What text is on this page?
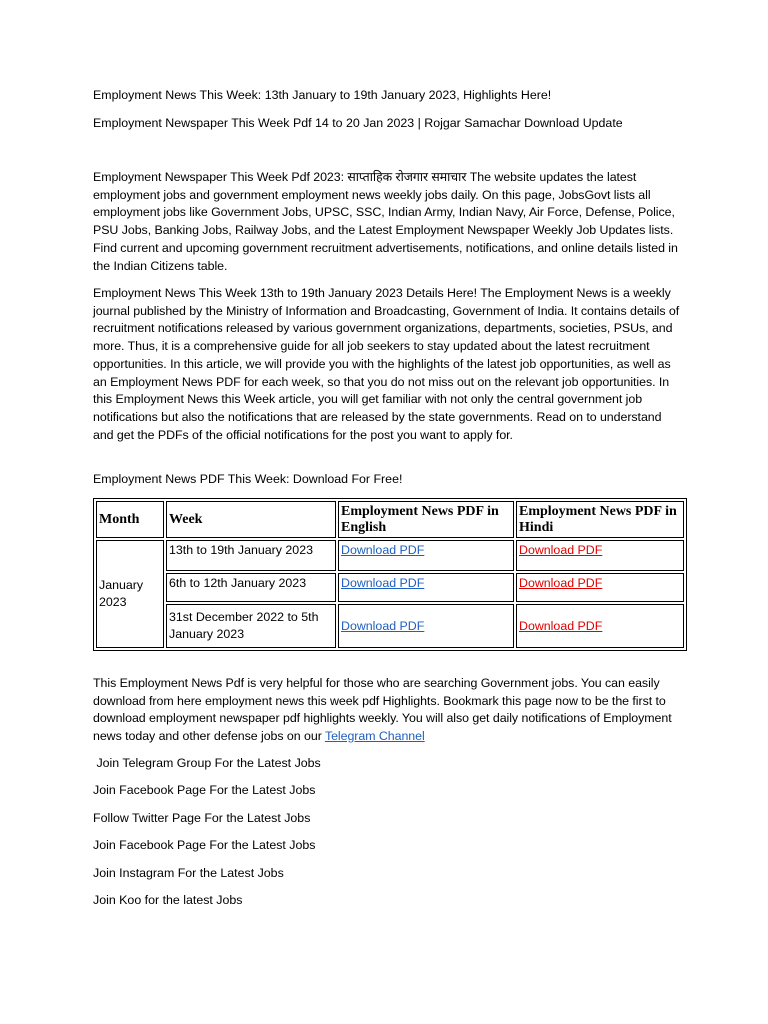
Employment News This Week: 13th January to 19th January 2023, Highlights Here!

Employment Newspaper This Week Pdf 14 to 20 Jan 2023 | Rojgar Samachar Download Update

Employment Newspaper This Week Pdf 2023: साप्ताहिक रोजगार समाचार The website updates the latest employment jobs and government employment news weekly jobs daily. On this page, JobsGovt lists all employment jobs like Government Jobs, UPSC, SSC, Indian Army, Indian Navy, Air Force, Defense, Police, PSU Jobs, Banking Jobs, Railway Jobs, and the Latest Employment Newspaper Weekly Job Updates lists. Find current and upcoming government recruitment advertisements, notifications, and online details listed in the Indian Citizens table.

Employment News This Week 13th to 19th January 2023 Details Here! The Employment News is a weekly journal published by the Ministry of Information and Broadcasting, Government of India. It contains details of recruitment notifications released by various government organizations, departments, societies, PSUs, and more. Thus, it is a comprehensive guide for all job seekers to stay updated about the latest recruitment opportunities. In this article, we will provide you with the highlights of the latest job opportunities, as well as an Employment News PDF for each week, so that you do not miss out on the relevant job opportunities. In this Employment News this Week article, you will get familiar with not only the central government job notifications but also the notifications that are released by the state governments. Read on to understand and get the PDFs of the official notifications for the post you want to apply for.

Employment News PDF This Week: Download For Free!

Month	Week	Employment News PDF in English	Employment News PDF in Hindi
January 2023	13th to 19th January 2023	Download PDF	Download PDF
	6th to 12th January 2023	Download PDF	Download PDF
	31st December 2022 to 5th January 2023	Download PDF	Download PDF

This Employment News Pdf is very helpful for those who are searching Government jobs. You can easily download from here employment news this week pdf Highlights. Bookmark this page now to be the first to download employment newspaper pdf highlights weekly. You will also get daily notifications of Employment news today and other defense jobs on our Telegram Channel

Join Telegram Group For the Latest Jobs

Join Facebook Page For the Latest Jobs

Follow Twitter Page For the Latest Jobs

Join Facebook Page For the Latest Jobs

Join Instagram For the Latest Jobs

Join Koo for the latest Jobs
